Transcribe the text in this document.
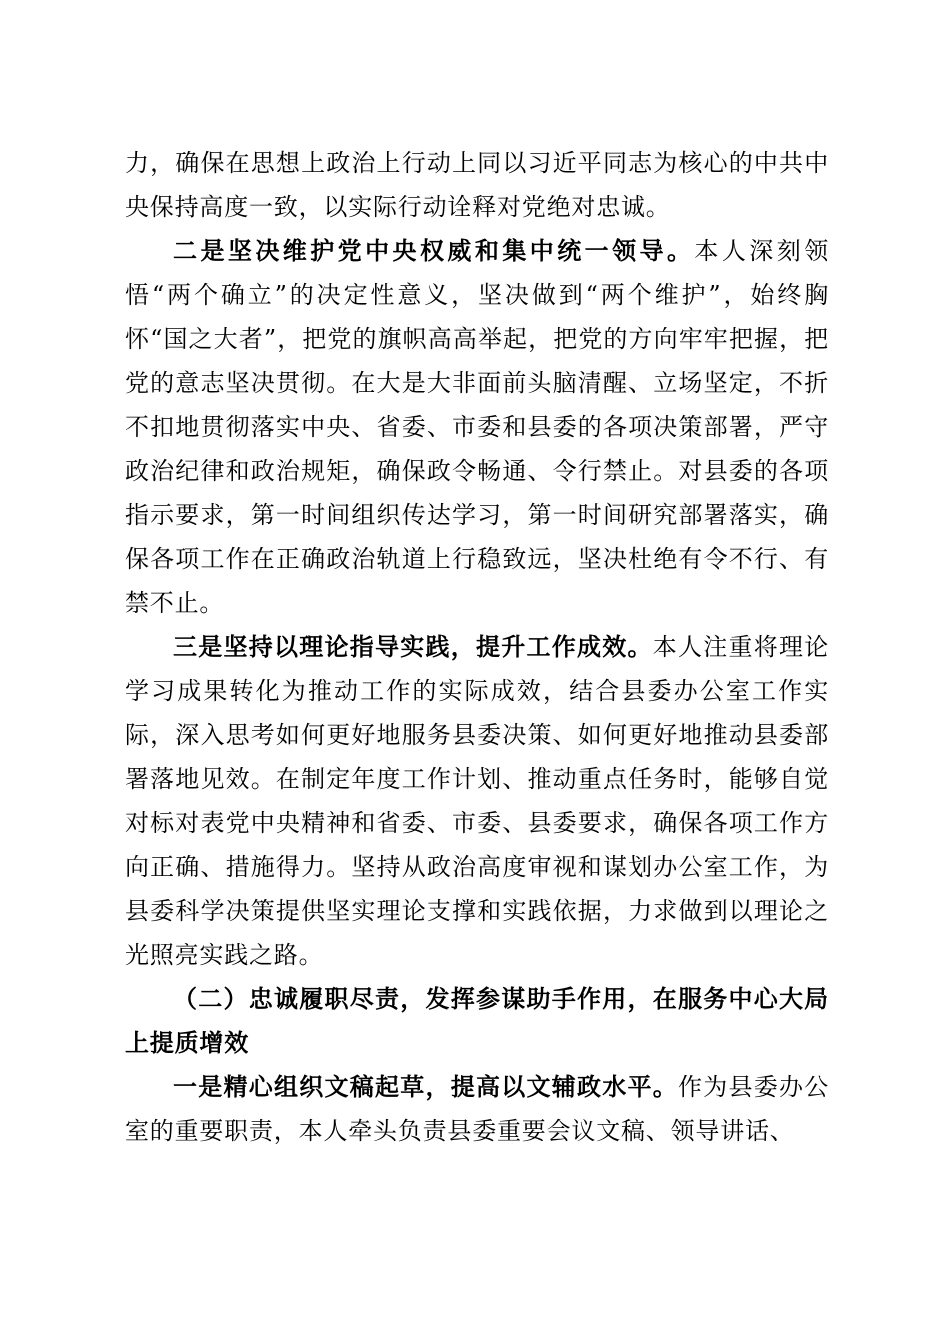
力，确保在思想上政治上行动上同以习近平同志为核心的中共中央保持高度一致，以实际行动诠释对党绝对忠诚。

二是坚决维护党中央权威和集中统一领导。本人深刻领悟“两个确立”的决定性意义，坚决做到“两个维护”，始终胸怀“国之大者”，把党的旗帜高高举起，把党的方向牢牢把握，把党的意志坚决贯彻。在大是大非面前头脑清醒、立场坚定，不折不扣地贯彻落实中央、省委、市委和县委的各项决策部署，严守政治纪律和政治规矩，确保政令畅通、令行禁止。对县委的各项指示要求，第一时间组织传达学习，第一时间研究部署落实，确保各项工作在正确政治轨道上行稳致远，坚决杜绝有令不行、有禁不止。

三是坚持以理论指导实践，提升工作成效。本人注重将理论学习成果转化为推动工作的实际成效，结合县委办公室工作实际，深入思考如何更好地服务县委决策、如何更好地推动县委部署落地见效。在制定年度工作计划、推动重点任务时，能够自觉对标对表党中央精神和省委、市委、县委要求，确保各项工作方向正确、措施得力。坚持从政治高度审视和谋划办公室工作，为县委科学决策提供坚实理论支撑和实践依据，力求做到以理论之光照亮实践之路。

（二）忠诚履职尽责，发挥参谋助手作用，在服务中心大局上提质增效

一是精心组织文稿起草，提高以文辅政水平。作为县委办公室的重要职责，本人牵头负责县委重要会议文稿、领导讲话、
